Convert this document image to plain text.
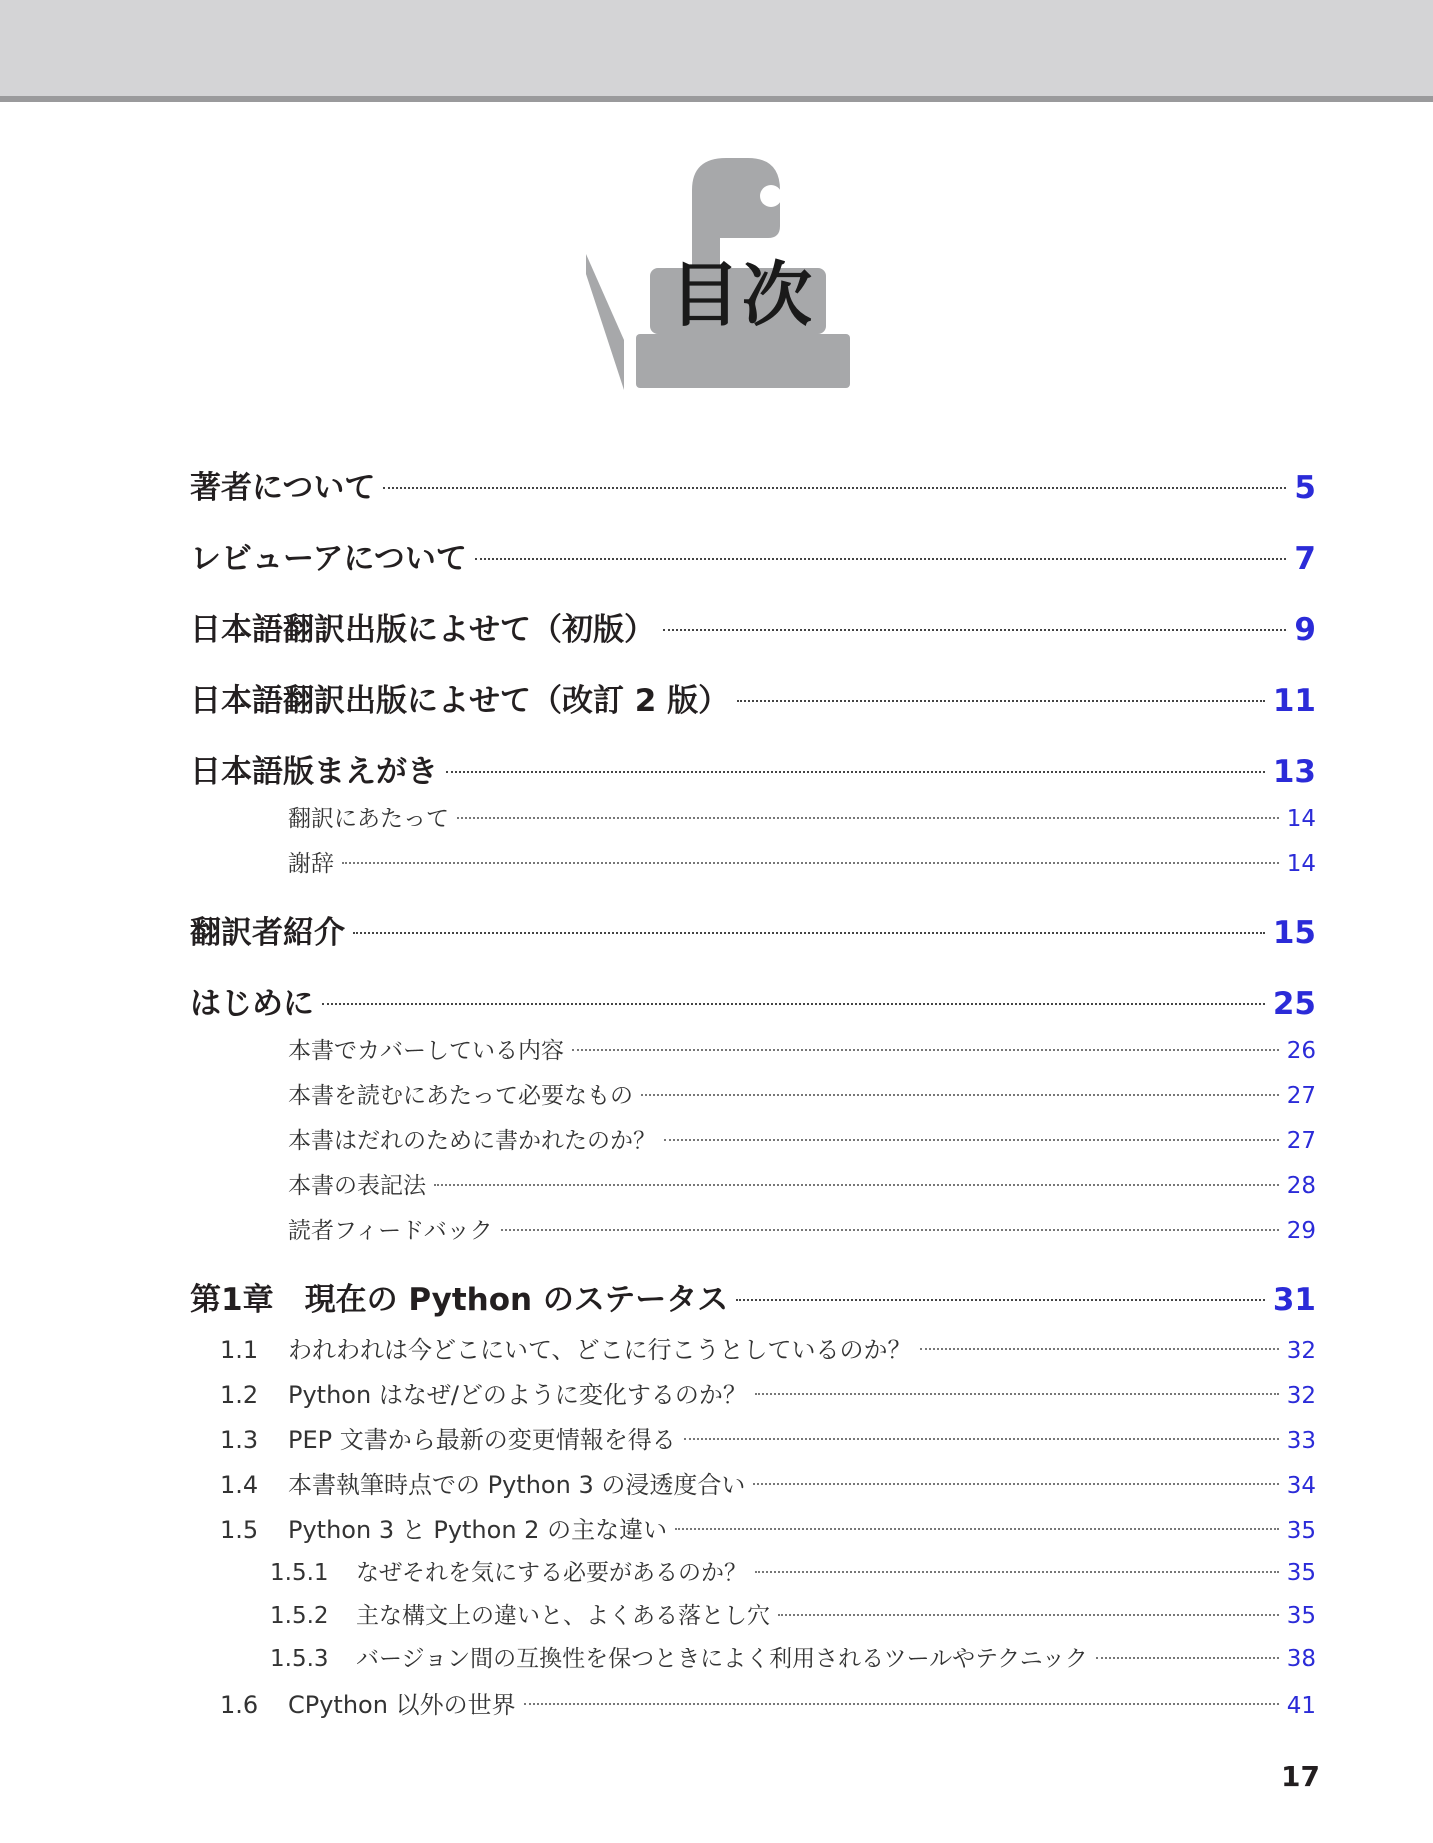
目次
著者について	5
レビューアについて	7
日本語翻訳出版によせて（初版）	9
日本語翻訳出版によせて（改訂 2 版）	11
日本語版まえがき	13
翻訳にあたって	14
謝辞	14
翻訳者紹介	15
はじめに	25
本書でカバーしている内容	26
本書を読むにあたって必要なもの	27
本書はだれのために書かれたのか？	27
本書の表記法	28
読者フィードバック	29
第1章　現在の Python のステータス	31
1.1	われわれは今どこにいて、どこに行こうとしているのか？	32
1.2	Python はなぜ/どのように変化するのか？	32
1.3	PEP 文書から最新の変更情報を得る	33
1.4	本書執筆時点での Python 3 の浸透度合い	34
1.5	Python 3 と Python 2 の主な違い	35
1.5.1	なぜそれを気にする必要があるのか？	35
1.5.2	主な構文上の違いと、よくある落とし穴	35
1.5.3	バージョン間の互換性を保つときによく利用されるツールやテクニック	38
1.6	CPython 以外の世界	41
17
